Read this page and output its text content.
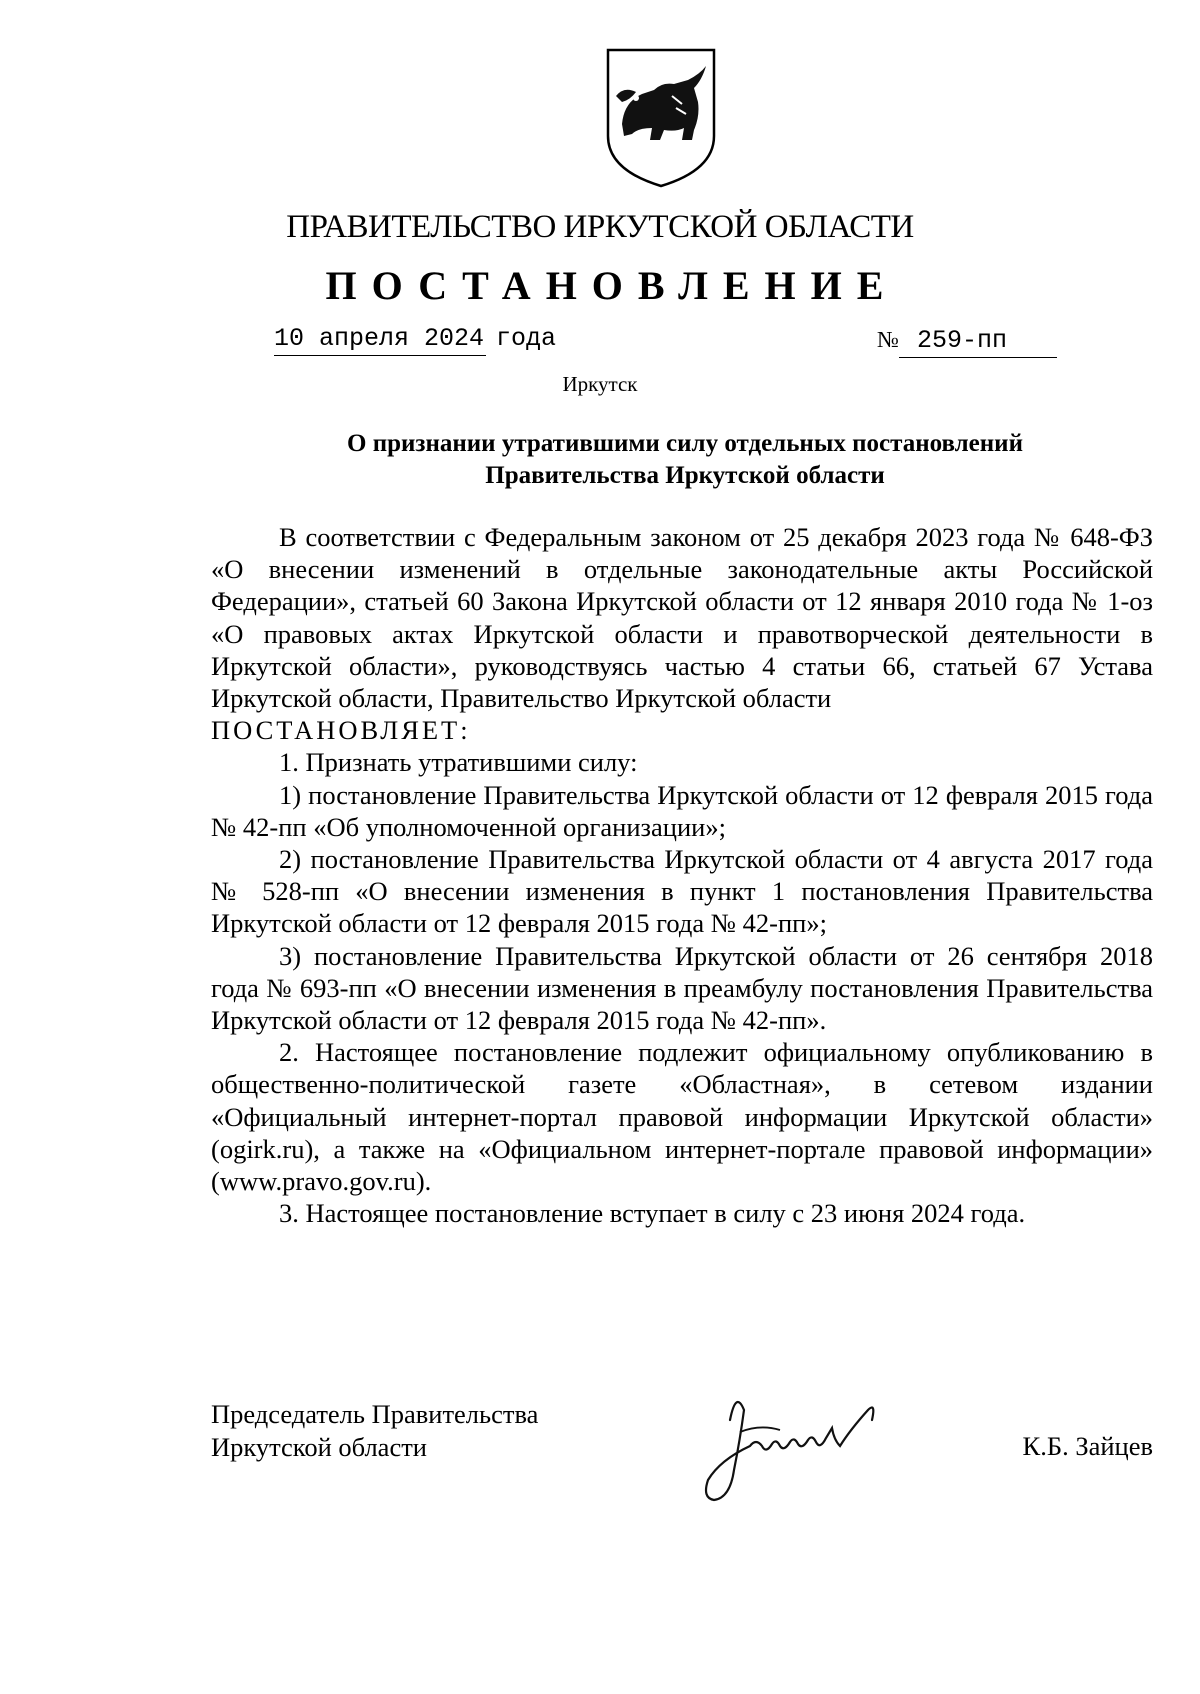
ПРАВИТЕЛЬСТВО ИРКУТСКОЙ ОБЛАСТИ
ПОСТАНОВЛЕНИЕ
10 апреля 2024 года	№ 259-пп
Иркутск
О признании утратившими силу отдельных постановлений
Правительства Иркутской области

В соответствии с Федеральным законом от 25 декабря 2023 года № 648-ФЗ «О внесении изменений в отдельные законодательные акты Российской Федерации», статьей 60 Закона Иркутской области от 12 января 2010 года № 1-оз «О правовых актах Иркутской области и правотворческой деятельности в Иркутской области», руководствуясь частью 4 статьи 66, статьей 67 Устава Иркутской области, Правительство Иркутской области

ПОСТАНОВЛЯЕТ:

1. Признать утратившими силу:

1) постановление Правительства Иркутской области от 12 февраля 2015 года № 42-пп «Об уполномоченной организации»;

2) постановление Правительства Иркутской области от 4 августа 2017 года № 528-пп «О внесении изменения в пункт 1 постановления Правительства Иркутской области от 12 февраля 2015 года № 42-пп»;

3) постановление Правительства Иркутской области от 26 сентября 2018 года № 693-пп «О внесении изменения в преамбулу постановления Правительства Иркутской области от 12 февраля 2015 года № 42-пп».

2. Настоящее постановление подлежит официальному опубликованию в общественно-политической газете «Областная», в сетевом издании «Официальный интернет-портал правовой информации Иркутской области» (ogirk.ru), а также на «Официальном интернет-портале правовой информации» (www.pravo.gov.ru).

3. Настоящее постановление вступает в силу с 23 июня 2024 года.

Председатель Правительства
Иркутской области	К.Б. Зайцев
